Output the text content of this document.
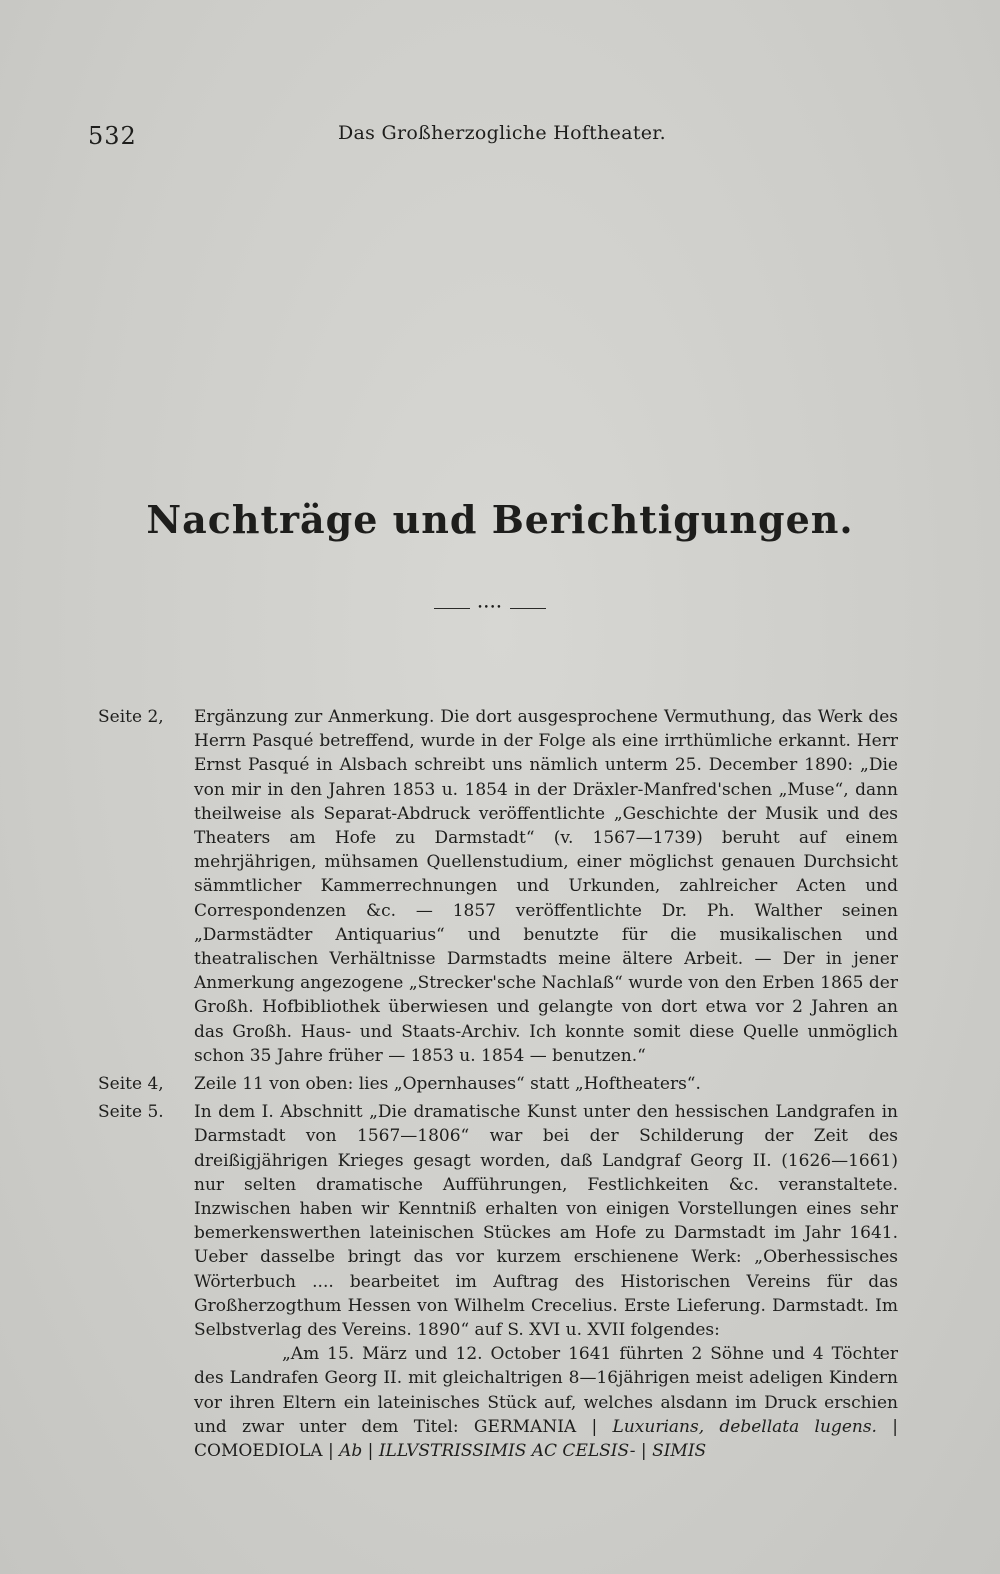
532	Das Großherzogliche Hoftheater.
Nachträge und Berichtigungen.
••••
Seite 2,	Ergänzung zur Anmerkung. Die dort ausgesprochene Vermuthung, das Werk des Herrn Pasqué betreffend, wurde in der Folge als eine irrthümliche erkannt. Herr Ernst Pasqué in Alsbach schreibt uns nämlich unterm 25. December 1890: „Die von mir in den Jahren 1853 u. 1854 in der Dräxler-Manfred'schen „Muse“, dann theilweise als Separat-Abdruck veröffentlichte „Geschichte der Musik und des Theaters am Hofe zu Darmstadt“ (v. 1567—1739) beruht auf einem mehrjährigen, mühsamen Quellenstudium, einer möglichst genauen Durchsicht sämmtlicher Kammerrechnungen und Urkunden, zahlreicher Acten und Correspondenzen &c. — 1857 veröffentlichte Dr. Ph. Walther seinen „Darmstädter Antiquarius“ und benutzte für die musikalischen und theatralischen Verhältnisse Darmstadts meine ältere Arbeit. — Der in jener Anmerkung angezogene „Strecker'sche Nachlaß“ wurde von den Erben 1865 der Großh. Hofbibliothek überwiesen und gelangte von dort etwa vor 2 Jahren an das Großh. Haus- und Staats-Archiv. Ich konnte somit diese Quelle unmöglich schon 35 Jahre früher — 1853 u. 1854 — benutzen.“

Seite 4,	Zeile 11 von oben: lies „Opernhauses“ statt „Hoftheaters“.

Seite 5.	In dem I. Abschnitt „Die dramatische Kunst unter den hessischen Landgrafen in Darmstadt von 1567—1806“ war bei der Schilderung der Zeit des dreißigjährigen Krieges gesagt worden, daß Landgraf Georg II. (1626—1661) nur selten dramatische Aufführungen, Festlichkeiten &c. veranstaltete. Inzwischen haben wir Kenntniß erhalten von einigen Vorstellungen eines sehr bemerkenswerthen lateinischen Stückes am Hofe zu Darmstadt im Jahr 1641. Ueber dasselbe bringt das vor kurzem erschienene Werk: „Oberhessisches Wörterbuch .... bearbeitet im Auftrag des Historischen Vereins für das Großherzogthum Hessen von Wilhelm Crecelius. Erste Lieferung. Darmstadt. Im Selbstverlag des Vereins. 1890“ auf S. XVI u. XVII folgendes:

„Am 15. März und 12. October 1641 führten 2 Söhne und 4 Töchter des Landrafen Georg II. mit gleichaltrigen 8—16jährigen meist adeligen Kindern vor ihren Eltern ein lateinisches Stück auf, welches alsdann im Druck erschien und zwar unter dem Titel: GERMANIA | Luxurians, debellata lugens. | COMOEDIOLA | Ab | ILLVSTRISSIMIS AC CELSIS- | SIMIS
